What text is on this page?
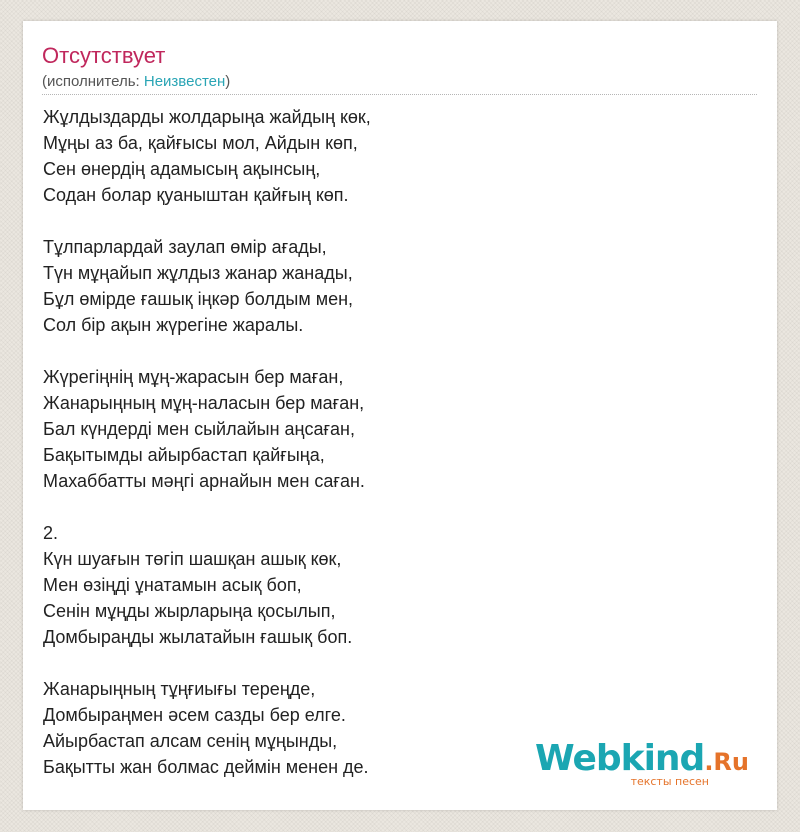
Отсутствует
(исполнитель: Неизвестен)
Жұлдыздарды жолдарыңа жайдың көк,
Мұңы аз ба, қайғысы мол, Айдын көп,
Сен өнердің адамысың ақынсың,
Содан болар қуаныштан қайғың көп.
Тұлпарлардай заулап өмір ағады,
Түн мұңайып жұлдыз жанар жанады,
Бұл өмірде ғашық іңкәр болдым мен,
Сол бір ақын жүрегіне жаралы.
Жүрегіңнің мұң-жарасын бер маған,
Жанарыңның мұң-наласын бер маған,
Бал күндерді мен сыйлайын аңсаған,
Бақытымды айырбастап қайғыңа,
Махаббатты мәңгі арнайын мен саған.
2.
Күн шуағын төгіп шашқан ашық көк,
Мен өзіңді ұнатамын асық боп,
Сенін мұңды жырларыңа қосылып,
Домбыраңды жылатайын ғашық боп.
Жанарыңның тұңғиығы тереңде,
Домбыраңмен әсем сазды бер елге.
Айырбастап алсам сенің мұңынды,
Бақытты жан болмас деймін менен де.	Webkind.Ru
тексты песен
